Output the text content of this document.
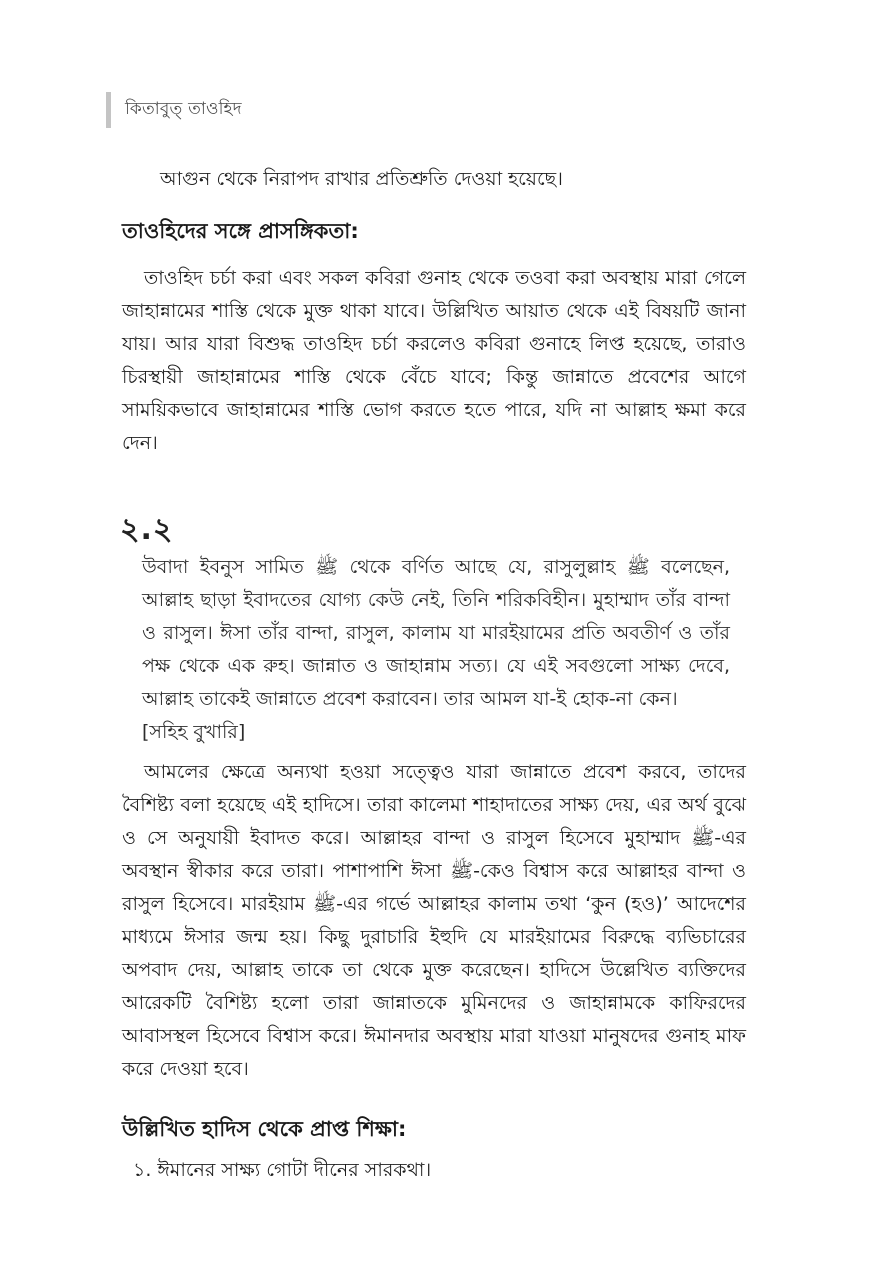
কিতাবুত্ তাওহিদ

আগুন থেকে নিরাপদ রাখার প্রতিশ্রুতি দেওয়া হয়েছে।

তাওহিদের সঙ্গে প্রাসঙ্গিকতা:

তাওহিদ চর্চা করা এবং সকল কবিরা গুনাহ থেকে তওবা করা অবস্থায় মারা গেলে জাহান্নামের শাস্তি থেকে মুক্ত থাকা যাবে। উল্লিখিত আয়াত থেকে এই বিষয়টি জানা যায়। আর যারা বিশুদ্ধ তাওহিদ চর্চা করলেও কবিরা গুনাহে লিপ্ত হয়েছে, তারাও চিরস্থায়ী জাহান্নামের শাস্তি থেকে বেঁচে যাবে; কিন্তু জান্নাতে প্রবেশের আগে সাময়িকভাবে জাহান্নামের শাস্তি ভোগ করতে হতে পারে, যদি না আল্লাহ ক্ষমা করে দেন।

২.২

উবাদা ইবনুস সামিত ﷺ থেকে বর্ণিত আছে যে, রাসুলুল্লাহ ﷺ বলেছেন, আল্লাহ ছাড়া ইবাদতের যোগ্য কেউ নেই, তিনি শরিকবিহীন। মুহাম্মাদ তাঁর বান্দা ও রাসুল। ঈসা তাঁর বান্দা, রাসুল, কালাম যা মারইয়ামের প্রতি অবতীর্ণ ও তাঁর পক্ষ থেকে এক রুহ। জান্নাত ও জাহান্নাম সত্য। যে এই সবগুলো সাক্ষ্য দেবে, আল্লাহ তাকেই জান্নাতে প্রবেশ করাবেন। তার আমল যা-ই হোক-না কেন।

[সহিহ বুখারি]

আমলের ক্ষেত্রে অন্যথা হওয়া সত্ত্বেও যারা জান্নাতে প্রবেশ করবে, তাদের বৈশিষ্ট্য বলা হয়েছে এই হাদিসে। তারা কালেমা শাহাদাতের সাক্ষ্য দেয়, এর অর্থ বুঝে ও সে অনুযায়ী ইবাদত করে। আল্লাহর বান্দা ও রাসুল হিসেবে মুহাম্মাদ ﷺ-এর অবস্থান স্বীকার করে তারা। পাশাপাশি ঈসা ﷺ-কেও বিশ্বাস করে আল্লাহর বান্দা ও রাসুল হিসেবে। মারইয়াম ﷺ-এর গর্ভে আল্লাহর কালাম তথা ‘কুন (হও)’ আদেশের মাধ্যমে ঈসার জন্ম হয়। কিছু দুরাচারি ইহুদি যে মারইয়ামের বিরুদ্ধে ব্যভিচারের অপবাদ দেয়, আল্লাহ তাকে তা থেকে মুক্ত করেছেন। হাদিসে উল্লেখিত ব্যক্তিদের আরেকটি বৈশিষ্ট্য হলো তারা জান্নাতকে মুমিনদের ও জাহান্নামকে কাফিরদের আবাসস্থল হিসেবে বিশ্বাস করে। ঈমানদার অবস্থায় মারা যাওয়া মানুষদের গুনাহ মাফ করে দেওয়া হবে।

উল্লিখিত হাদিস থেকে প্রাপ্ত শিক্ষা:
১. ঈমানের সাক্ষ্য গোটা দীনের সারকথা।
